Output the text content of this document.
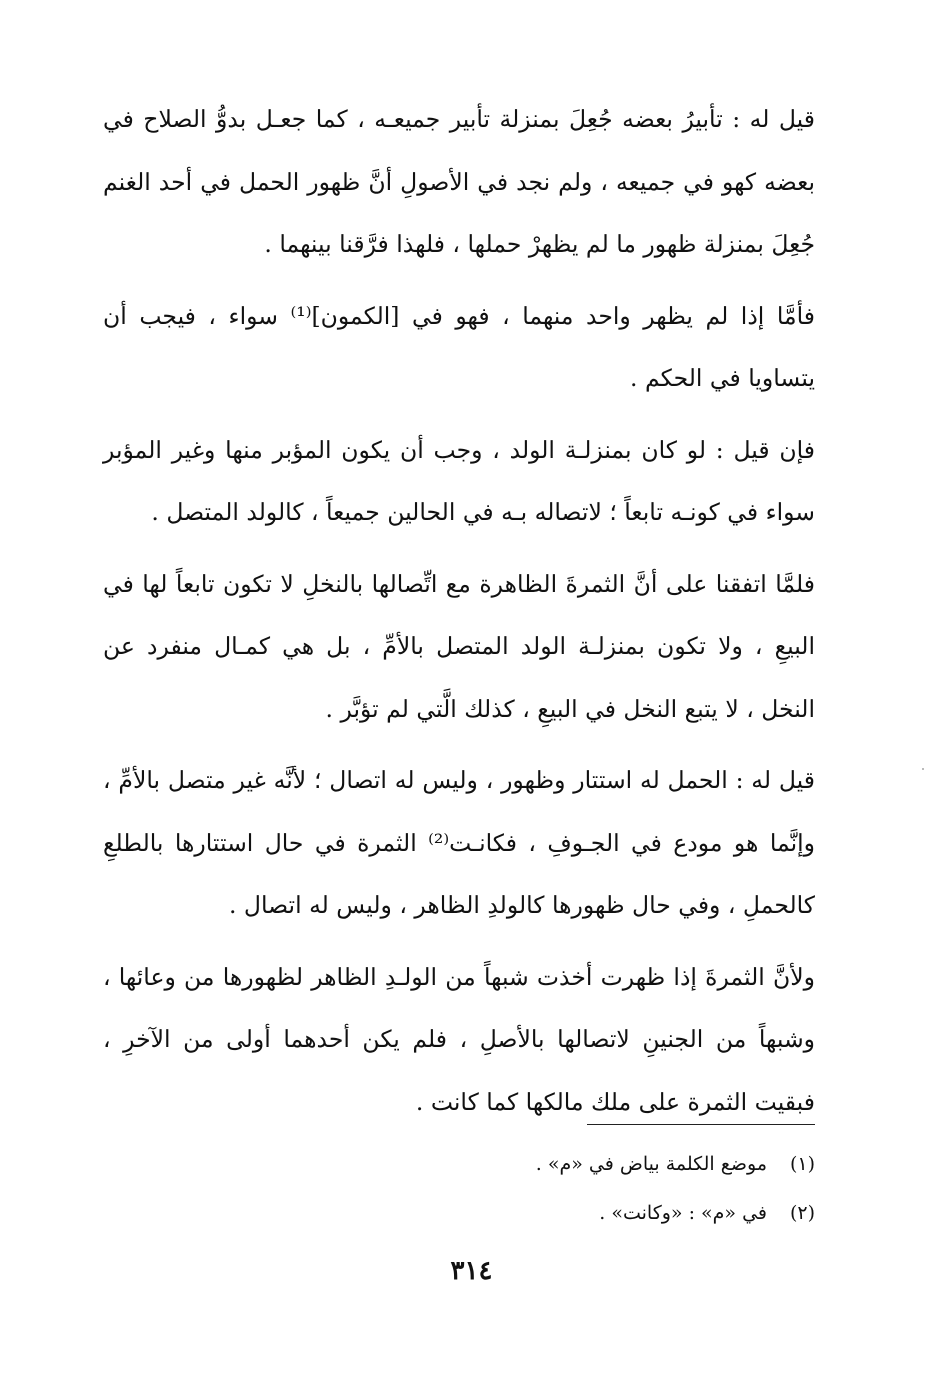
قيل له : تأبيرُ بعضه جُعِلَ بمنزلة تأبير جميعـه ، كما جعـل بدوُّ الصلاح في بعضه كهو في جميعه ، ولم نجد في الأصولِ أنَّ ظهور الحمل في أحد الغنم جُعِلَ بمنزلة ظهور ما لم يظهرْ حملها ، فلهذا فرَّقنا بينهما .

فأمَّا إذا لم يظهر واحد منهما ، فهو في [الكمون]⁽¹⁾ سواء ، فيجب أن يتساويا في الحكم .

فإن قيل : لو كان بمنزلـة الولد ، وجب أن يكون المؤبر منها وغير المؤبر سواء في كونـه تابعاً ؛ لاتصاله بـه في الحالين جميعاً ، كالولد المتصل .

فلمَّا اتفقنا على أنَّ الثمرةَ الظاهرة مع اتِّصالها بالنخلِ لا تكون تابعاً لها في البيعِ ، ولا تكون بمنزلـة الولد المتصل بالأمِّ ، بل هي كمـال منفرد عن النخل ، لا يتبع النخل في البيعِ ، كذلك الَّتي لم تؤبَّر .

قيل له : الحمل له استتار وظهور ، وليس له اتصال ؛ لأنَّه غير متصل بالأمِّ ، وإنَّما هو مودع في الجـوفِ ، فكانـت⁽²⁾ الثمرة في حال استتارها بالطلعِ كالحملِ ، وفي حال ظهورها كالولدِ الظاهر ، وليس له اتصال .

ولأنَّ الثمرةَ إذا ظهرت أخذت شبهاً من الولـدِ الظاهر لظهورها من وعائها ، وشبهاً من الجنينِ لاتصالها بالأصلِ ، فلم يكن أحدهما أولى من الآخرِ ، فبقيت الثمرة على ملك مالكها كما كانت .

(١)
موضع الكلمة بياض في «م» .
(٢)
في «م» : «وكانت» .
٣١٤
